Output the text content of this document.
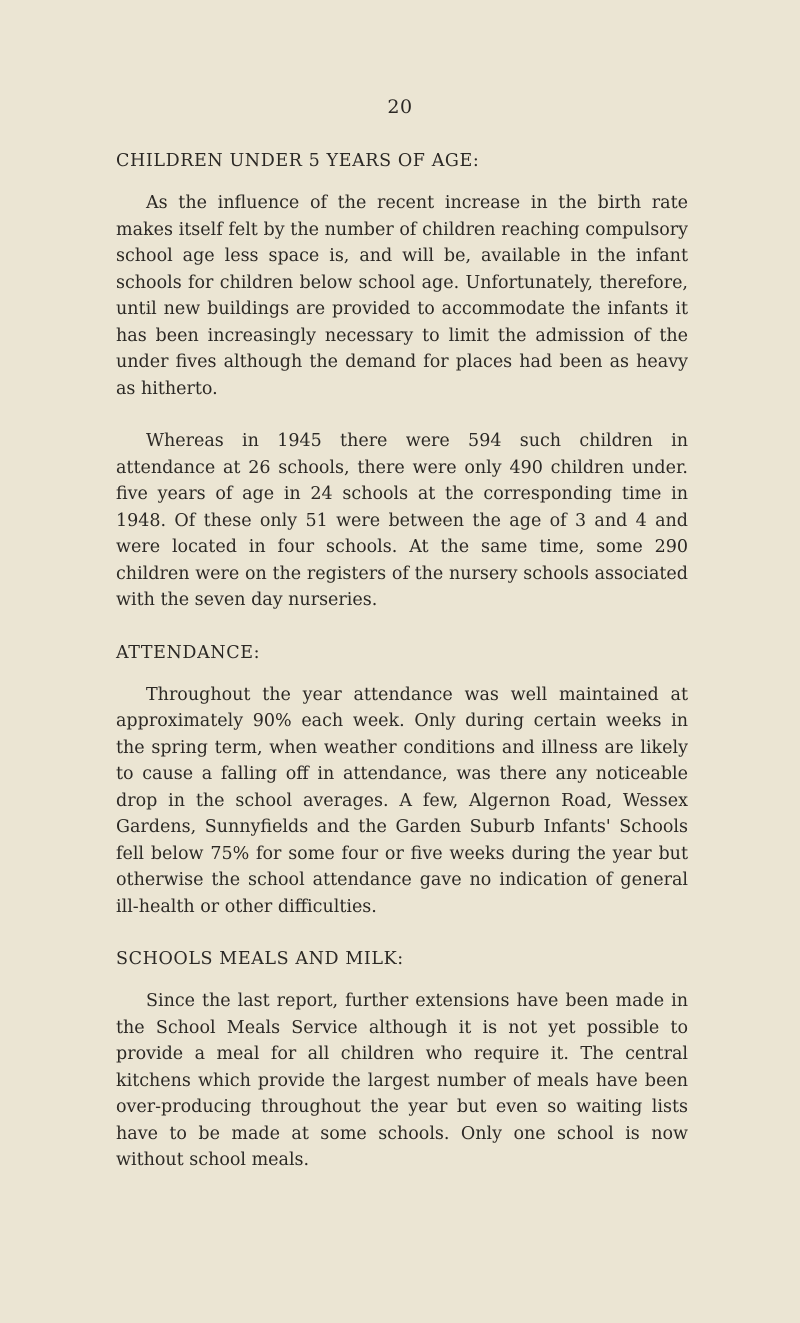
20
CHILDREN UNDER 5 YEARS OF AGE:

As the influence of the recent increase in the birth rate makes itself felt by the number of children reaching compulsory school age less space is, and will be, available in the infant schools for children below school age. Unfortunately, therefore, until new buildings are provided to accommodate the infants it has been increasingly necessary to limit the admission of the under fives although the demand for places had been as heavy as hitherto.

Whereas in 1945 there were 594 such children in attendance at 26 schools, there were only 490 children under. five years of age in 24 schools at the corresponding time in 1948. Of these only 51 were between the age of 3 and 4 and were located in four schools. At the same time, some 290 children were on the registers of the nursery schools associated with the seven day nurseries.

ATTENDANCE:

Throughout the year attendance was well maintained at approximately 90% each week. Only during certain weeks in the spring term, when weather conditions and illness are likely to cause a falling off in attendance, was there any noticeable drop in the school averages. A few, Algernon Road, Wessex Gardens, Sunnyfields and the Garden Suburb Infants' Schools fell below 75% for some four or five weeks during the year but otherwise the school attendance gave no indication of general ill-health or other difficulties.

SCHOOLS MEALS AND MILK:

Since the last report, further extensions have been made in the School Meals Service although it is not yet possible to provide a meal for all children who require it. The central kitchens which provide the largest number of meals have been over-producing throughout the year but even so waiting lists have to be made at some schools. Only one school is now without school meals.
